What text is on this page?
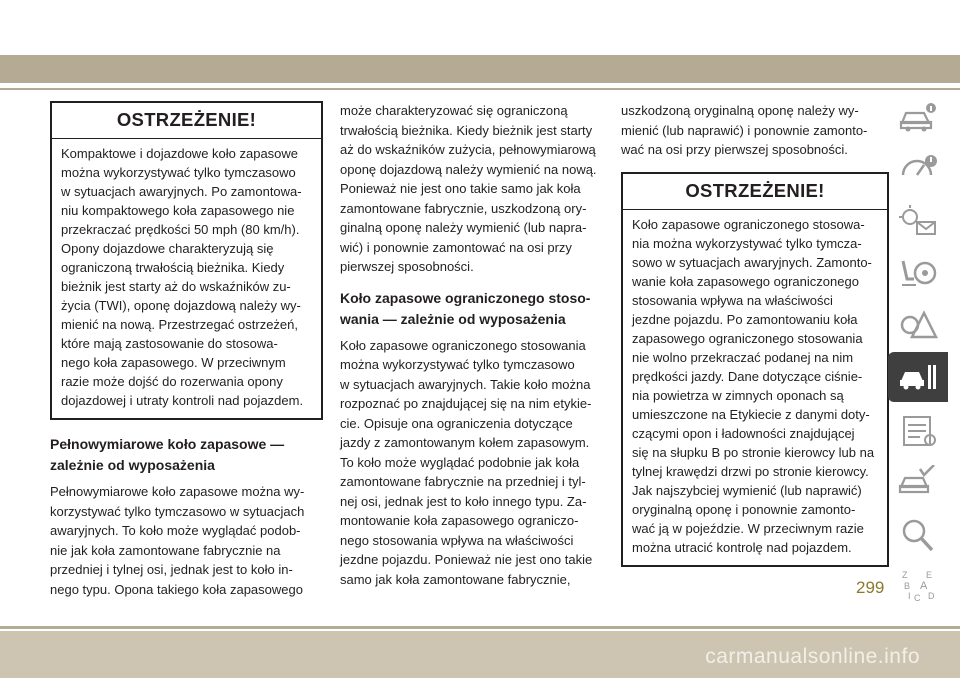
OSTRZEŻENIE!
Kompaktowe i dojazdowe koło zapasowe
można wykorzystywać tylko tymczasowo
w sytuacjach awaryjnych. Po zamontowa-
niu kompaktowego koła zapasowego nie
przekraczać prędkości 50 mph (80 km/h).
Opony dojazdowe charakteryzują się
ograniczoną trwałością bieżnika. Kiedy
bieżnik jest starty aż do wskaźników zu-
życia (TWI), oponę dojazdową należy wy-
mienić na nową. Przestrzegać ostrzeżeń,
które mają zastosowanie do stosowa-
nego koła zapasowego. W przeciwnym
razie może dojść do rozerwania opony
dojazdowej i utraty kontroli nad pojazdem.
Pełnowymiarowe koło zapasowe —
zależnie od wyposażenia
Pełnowymiarowe koło zapasowe można wy-
korzystywać tylko tymczasowo w sytuacjach
awaryjnych. To koło może wyglądać podob-
nie jak koła zamontowane fabrycznie na
przedniej i tylnej osi, jednak jest to koło in-
nego typu. Opona takiego koła zapasowego
może charakteryzować się ograniczoną
trwałością bieżnika. Kiedy bieżnik jest starty
aż do wskaźników zużycia, pełnowymiarową
oponę dojazdową należy wymienić na nową.
Ponieważ nie jest ono takie samo jak koła
zamontowane fabrycznie, uszkodzoną ory-
ginalną oponę należy wymienić (lub napra-
wić) i ponownie zamontować na osi przy
pierwszej sposobności.
Koło zapasowe ograniczonego stoso-
wania — zależnie od wyposażenia
Koło zapasowe ograniczonego stosowania
można wykorzystywać tylko tymczasowo
w sytuacjach awaryjnych. Takie koło można
rozpoznać po znajdującej się na nim etykie-
cie. Opisuje ona ograniczenia dotyczące
jazdy z zamontowanym kołem zapasowym.
To koło może wyglądać podobnie jak koła
zamontowane fabrycznie na przedniej i tyl-
nej osi, jednak jest to koło innego typu. Za-
montowanie koła zapasowego ograniczo-
nego stosowania wpływa na właściwości
jezdne pojazdu. Ponieważ nie jest ono takie
samo jak koła zamontowane fabrycznie,
uszkodzoną oryginalną oponę należy wy-
mienić (lub naprawić) i ponownie zamonto-
wać na osi przy pierwszej sposobności.
OSTRZEŻENIE!
Koło zapasowe ograniczonego stosowa-
nia można wykorzystywać tylko tymcza-
sowo w sytuacjach awaryjnych. Zamonto-
wanie koła zapasowego ograniczonego
stosowania wpływa na właściwości
jezdne pojazdu. Po zamontowaniu koła
zapasowego ograniczonego stosowania
nie wolno przekraczać podanej na nim
prędkości jazdy. Dane dotyczące ciśnie-
nia powietrza w zimnych oponach są
umieszczone na Etykiecie z danymi doty-
czącymi opon i ładowności znajdującej
się na słupku B po stronie kierowcy lub na
tylnej krawędzi drzwi po stronie kierowcy.
Jak najszybciej wymienić (lub naprawić)
oryginalną oponę i ponownie zamonto-
wać ją w pojeździe. W przeciwnym razie
można utracić kontrolę nad pojazdem.
Z E
B A
I C D
299
carmanualsonline.info
